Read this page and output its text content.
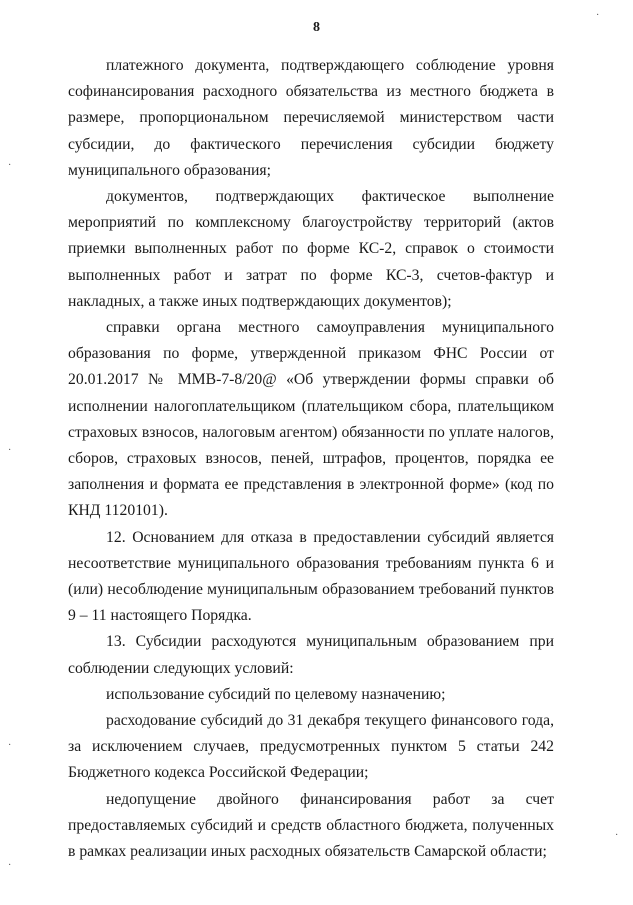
8
·
·
·
·
·
·

платежного документа, подтверждающего соблюдение уровня софинансирования расходного обязательства из местного бюджета в размере, пропорциональном перечисляемой министерством части субсидии, до фактического перечисления субсидии бюджету муниципального образования;

документов, подтверждающих фактическое выполнение мероприятий по комплексному благоустройству территорий (актов приемки выполненных работ по форме КС-2, справок о стоимости выполненных работ и затрат по форме КС-3, счетов-фактур и накладных, а также иных подтверждающих документов);

справки органа местного самоуправления муниципального образования по форме, утвержденной приказом ФНС России от 20.01.2017 № ММВ-7-8/20@ «Об утверждении формы справки об исполнении налогоплательщиком (плательщиком сбора, плательщиком страховых взносов, налоговым агентом) обязанности по уплате налогов, сборов, страховых взносов, пеней, штрафов, процентов, порядка ее заполнения и формата ее представления в электронной форме» (код по КНД 1120101).

12. Основанием для отказа в предоставлении субсидий является несоответствие муниципального образования требованиям пункта 6 и (или) несоблюдение муниципальным образованием требований пунктов 9 – 11 настоящего Порядка.

13. Субсидии расходуются муниципальным образованием при соблюдении следующих условий:

использование субсидий по целевому назначению;

расходование субсидий до 31 декабря текущего финансового года, за исключением случаев, предусмотренных пунктом 5 статьи 242 Бюджетного кодекса Российской Федерации;

недопущение двойного финансирования работ за счет предоставляемых субсидий и средств областного бюджета, полученных в рамках реализации иных расходных обязательств Самарской области;
